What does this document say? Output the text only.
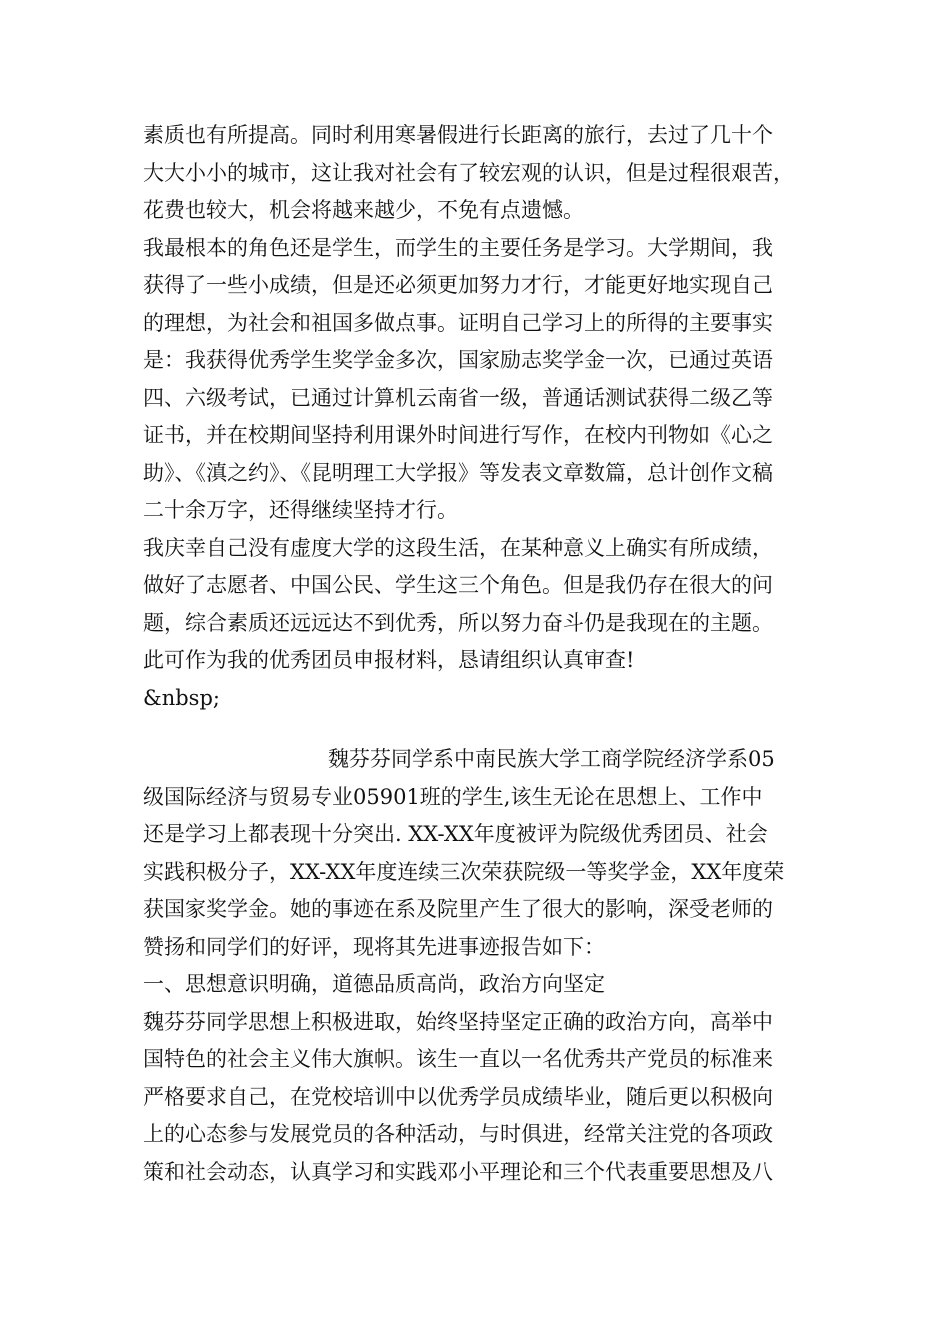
素质也有所提高。同时利用寒暑假进行长距离的旅行，去过了几十个
大大小小的城市，这让我对社会有了较宏观的认识，但是过程很艰苦，
花费也较大，机会将越来越少，不免有点遗憾。
我最根本的角色还是学生，而学生的主要任务是学习。大学期间，我
获得了一些小成绩，但是还必须更加努力才行，才能更好地实现自己
的理想，为社会和祖国多做点事。证明自己学习上的所得的主要事实
是：我获得优秀学生奖学金多次，国家励志奖学金一次，已通过英语
四、六级考试，已通过计算机云南省一级，普通话测试获得二级乙等
证书，并在校期间坚持利用课外时间进行写作，在校内刊物如《心之
助》、《滇之约》、《昆明理工大学报》等发表文章数篇，总计创作文稿
二十余万字，还得继续坚持才行。
我庆幸自己没有虚度大学的这段生活，在某种意义上确实有所成绩，
做好了志愿者、中国公民、学生这三个角色。但是我仍存在很大的问
题，综合素质还远远达不到优秀，所以努力奋斗仍是我现在的主题。
此可作为我的优秀团员申报材料，恳请组织认真审查!
&nbsp;
魏芬芬同学系中南民族大学工商学院经济学系05
级国际经济与贸易专业05901班的学生,该生无论在思想上、工作中
还是学习上都表现十分突出. XX-XX年度被评为院级优秀团员、社会
实践积极分子，XX-XX年度连续三次荣获院级一等奖学金，XX年度荣
获国家奖学金。她的事迹在系及院里产生了很大的影响，深受老师的
赞扬和同学们的好评，现将其先进事迹报告如下：
一、思想意识明确，道德品质高尚，政治方向坚定
魏芬芬同学思想上积极进取，始终坚持坚定正确的政治方向，高举中
国特色的社会主义伟大旗帜。该生一直以一名优秀共产党员的标准来
严格要求自己，在党校培训中以优秀学员成绩毕业，随后更以积极向
上的心态参与发展党员的各种活动，与时俱进，经常关注党的各项政
策和社会动态，认真学习和实践邓小平理论和三个代表重要思想及八
